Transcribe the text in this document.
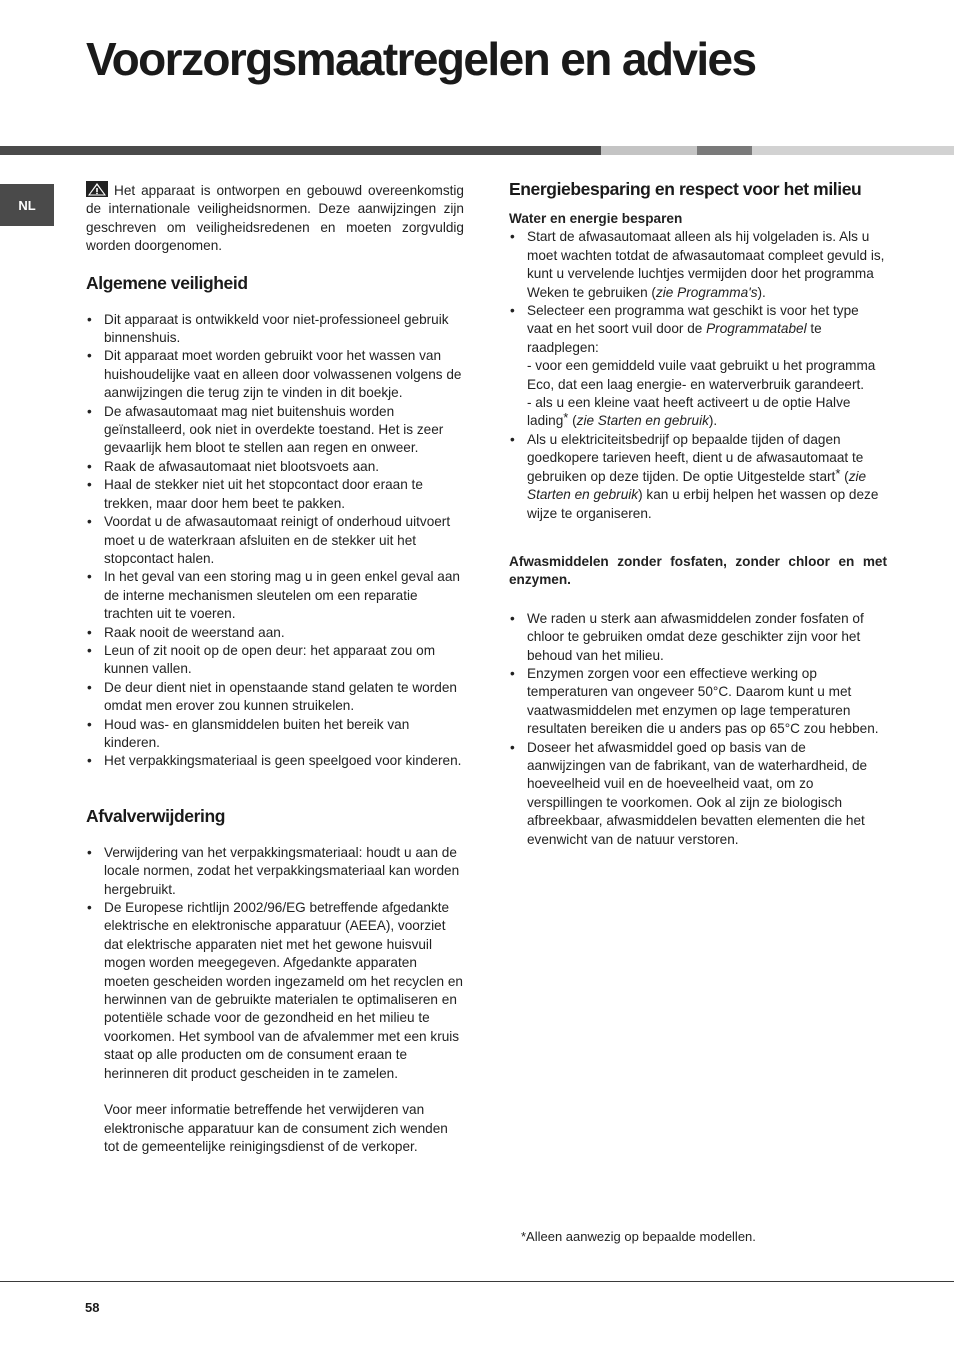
Voorzorgsmaatregelen en advies
NL

Het apparaat is ontworpen en gebouwd overeenkomstig de internationale veiligheidsnormen. Deze aanwijzingen zijn geschreven om veiligheidsredenen en moeten zorgvuldig worden doorgenomen.

Algemene veiligheid
• Dit apparaat is ontwikkeld voor niet-professioneel gebruik binnenshuis.
• Dit apparaat moet worden gebruikt voor het wassen van huishoudelijke vaat en alleen door volwassenen volgens de aanwijzingen die terug zijn te vinden in dit boekje.
• De afwasautomaat mag niet buitenshuis worden geïnstalleerd, ook niet in overdekte toestand. Het is zeer gevaarlijk hem bloot te stellen aan regen en onweer.
• Raak de afwasautomaat niet blootsvoets aan.
• Haal de stekker niet uit het stopcontact door eraan te trekken, maar door hem beet te pakken.
• Voordat u de afwasautomaat reinigt of onderhoud uitvoert moet u de waterkraan afsluiten en de stekker uit het stopcontact halen.
• In het geval van een storing mag u in geen enkel geval aan de interne mechanismen sleutelen om een reparatie trachten uit te voeren.
• Raak nooit de weerstand aan.
• Leun of zit nooit op de open deur: het apparaat zou om kunnen vallen.
• De deur dient niet in openstaande stand gelaten te worden omdat men erover zou kunnen struikelen.
• Houd was- en glansmiddelen buiten het bereik van kinderen.
• Het verpakkingsmateriaal is geen speelgoed voor kinderen.
Afvalverwijdering
• Verwijdering van het verpakkingsmateriaal: houdt u aan de locale normen, zodat het verpakkingsmateriaal kan worden hergebruikt.
• De Europese richtlijn 2002/96/EG betreffende afgedankte elektrische en elektronische apparatuur (AEEA), voorziet dat elektrische apparaten niet met het gewone huisvuil mogen worden meegegeven. Afgedankte apparaten moeten gescheiden worden ingezameld om het recyclen en herwinnen van de gebruikte materialen te optimaliseren en potentiële schade voor de gezondheid en het milieu te voorkomen. Het symbool van de afvalemmer met een kruis staat op alle producten om de consument eraan te herinneren dit product gescheiden in te zamelen.
Voor meer informatie betreffende het verwijderen van elektronische apparatuur kan de consument zich wenden tot de gemeentelijke reinigingsdienst of de verkoper.
Energiebesparing en respect voor het milieu
Water en energie besparen
• Start de afwasautomaat alleen als hij volgeladen is. Als u moet wachten totdat de afwasautomaat compleet gevuld is, kunt u vervelende luchtjes vermijden door het programma Weken te gebruiken (zie Programma's).
• Selecteer een programma wat geschikt is voor het type vaat en het soort vuil door de Programmatabel te raadplegen:
- voor een gemiddeld vuile vaat gebruikt u het programma Eco, dat een laag energie- en waterverbruik garandeert.
- als u een kleine vaat heeft activeert u de optie Halve lading* (zie Starten en gebruik).
• Als u elektriciteitsbedrijf op bepaalde tijden of dagen goedkopere tarieven heeft, dient u de afwasautomaat te gebruiken op deze tijden. De optie Uitgestelde start* (zie Starten en gebruik) kan u erbij helpen het wassen op deze wijze te organiseren.
Afwasmiddelen zonder fosfaten, zonder chloor en met enzymen.
• We raden u sterk aan afwasmiddelen zonder fosfaten of chloor te gebruiken omdat deze geschikter zijn voor het behoud van het milieu.
• Enzymen zorgen voor een effectieve werking op temperaturen van ongeveer 50°C. Daarom kunt u met vaatwasmiddelen met enzymen op lage temperaturen resultaten bereiken die u anders pas op 65°C zou hebben.
• Doseer het afwasmiddel goed op basis van de aanwijzingen van de fabrikant, van de waterhardheid, de hoeveelheid vuil en de hoeveelheid vaat, om zo verspillingen te voorkomen. Ook al zijn ze biologisch afbreekbaar, afwasmiddelen bevatten elementen die het evenwicht van de natuur verstoren.
*Alleen aanwezig op bepaalde modellen.
58
